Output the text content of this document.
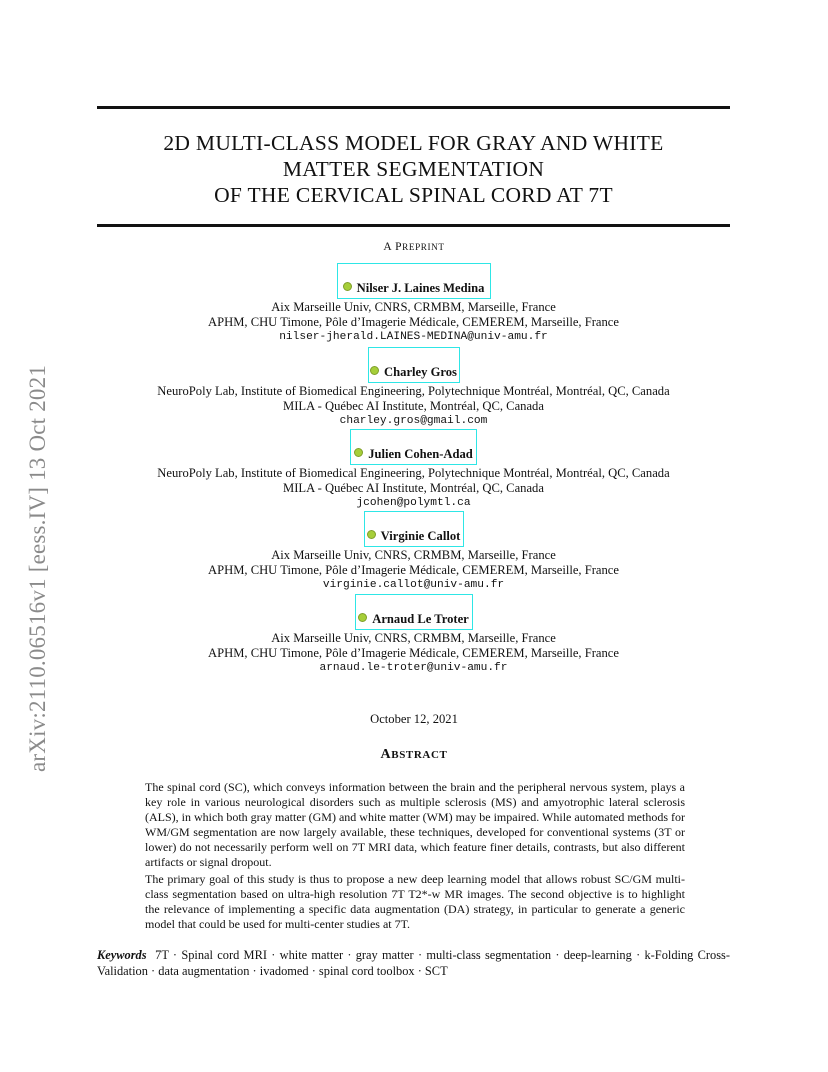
arXiv:2110.06516v1 [eess.IV] 13 Oct 2021
2D MULTI-CLASS MODEL FOR GRAY AND WHITE
MATTER SEGMENTATION
OF THE CERVICAL SPINAL CORD AT 7T
A PREPRINT
Nilser J. Laines Medina
Aix Marseille Univ, CNRS, CRMBM, Marseille, France
APHM, CHU Timone, Pôle d’Imagerie Médicale, CEMEREM, Marseille, France
nilser-jherald.LAINES-MEDINA@univ-amu.fr
Charley Gros
NeuroPoly Lab, Institute of Biomedical Engineering, Polytechnique Montréal, Montréal, QC, Canada
MILA - Québec AI Institute, Montréal, QC, Canada
charley.gros@gmail.com
Julien Cohen-Adad
NeuroPoly Lab, Institute of Biomedical Engineering, Polytechnique Montréal, Montréal, QC, Canada
MILA - Québec AI Institute, Montréal, QC, Canada
jcohen@polymtl.ca
Virginie Callot
Aix Marseille Univ, CNRS, CRMBM, Marseille, France
APHM, CHU Timone, Pôle d’Imagerie Médicale, CEMEREM, Marseille, France
virginie.callot@univ-amu.fr
Arnaud Le Troter
Aix Marseille Univ, CNRS, CRMBM, Marseille, France
APHM, CHU Timone, Pôle d’Imagerie Médicale, CEMEREM, Marseille, France
arnaud.le-troter@univ-amu.fr
October 12, 2021
ABSTRACT
The spinal cord (SC), which conveys information between the brain and the peripheral nervous system, plays a key role in various neurological disorders such as multiple sclerosis (MS) and amyotrophic lateral sclerosis (ALS), in which both gray matter (GM) and white matter (WM) may be impaired. While automated methods for WM/GM segmentation are now largely available, these techniques, developed for conventional systems (3T or lower) do not necessarily perform well on 7T MRI data, which feature finer details, contrasts, but also different artifacts or signal dropout.
The primary goal of this study is thus to propose a new deep learning model that allows robust SC/GM multi-class segmentation based on ultra-high resolution 7T T2*-w MR images. The second objective is to highlight the relevance of implementing a specific data augmentation (DA) strategy, in particular to generate a generic model that could be used for multi-center studies at 7T.
Keywords 7T · Spinal cord MRI · white matter · gray matter · multi-class segmentation · deep-learning · k-Folding Cross-Validation · data augmentation · ivadomed · spinal cord toolbox · SCT
